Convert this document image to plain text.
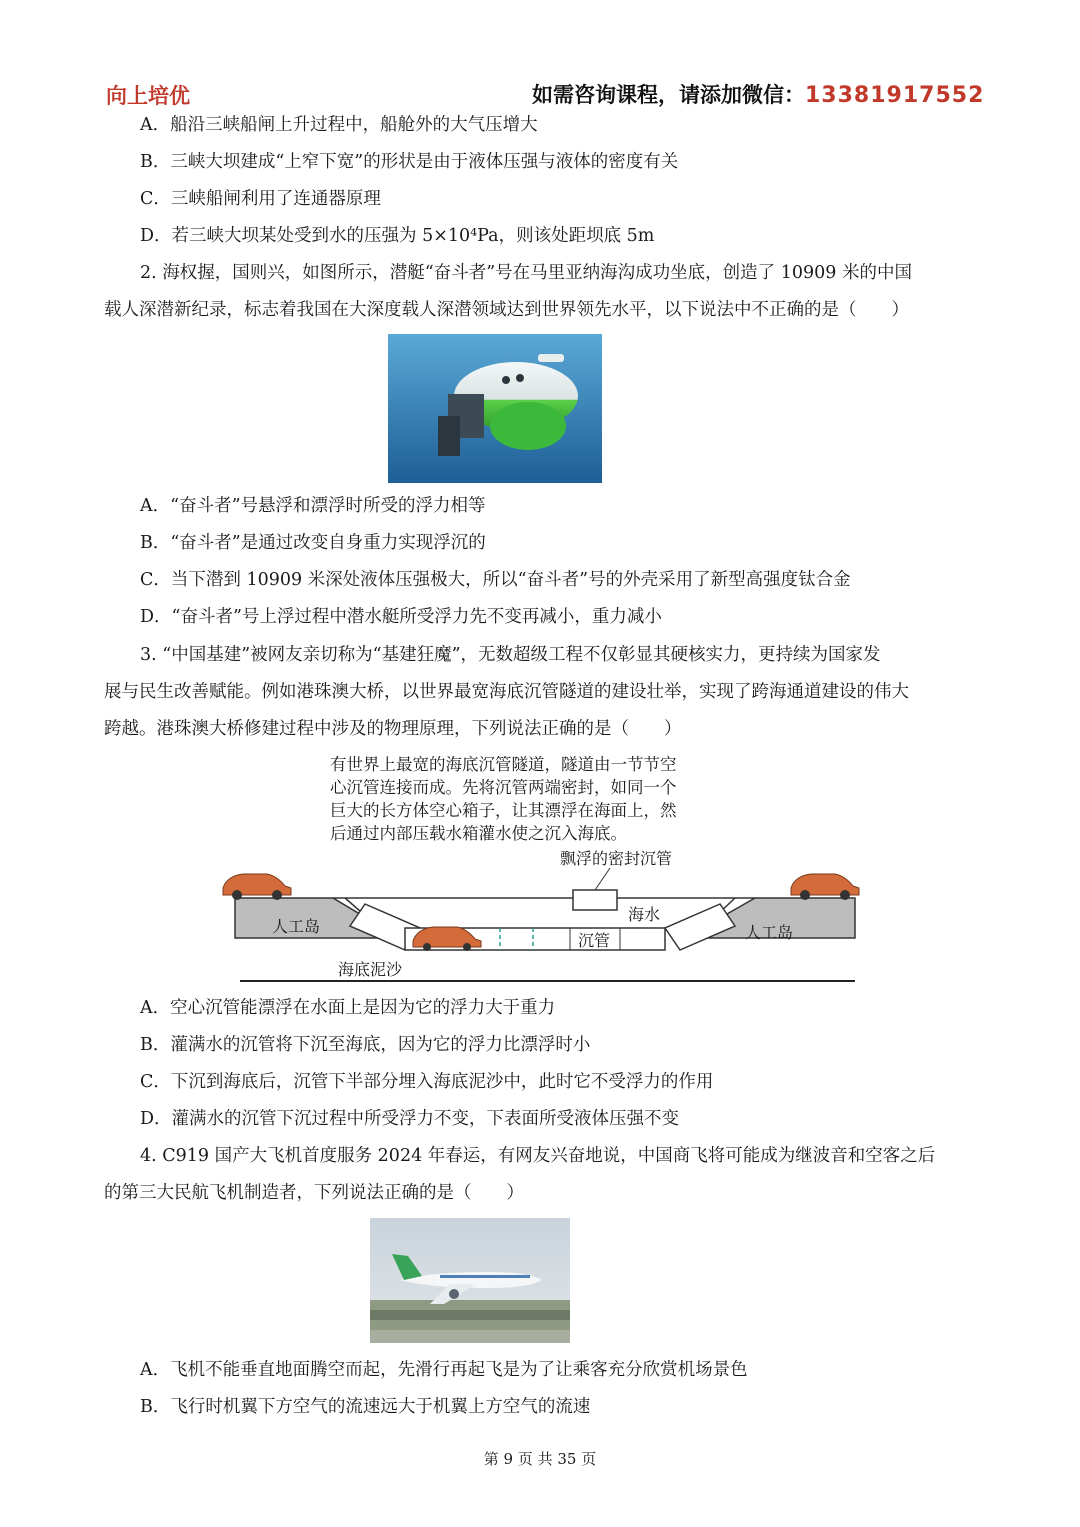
向上培优	如需咨询课程，请添加微信：13381917552
A．船沿三峡船闸上升过程中，船舱外的大气压增大
B．三峡大坝建成“上窄下宽”的形状是由于液体压强与液体的密度有关
C．三峡船闸利用了连通器原理
D．若三峡大坝某处受到水的压强为 5×10⁴Pa，则该处距坝底 5m
2. 海权握，国则兴，如图所示，潜艇“奋斗者”号在马里亚纳海沟成功坐底，创造了 10909 米的中国
载人深潜新纪录，标志着我国在大深度载人深潜领域达到世界领先水平，以下说法中不正确的是（　　）
A．“奋斗者”号悬浮和漂浮时所受的浮力相等
B．“奋斗者”是通过改变自身重力实现浮沉的
C．当下潜到 10909 米深处液体压强极大，所以“奋斗者”号的外壳采用了新型高强度钛合金
D．“奋斗者”号上浮过程中潜水艇所受浮力先不变再减小，重力减小
3. “中国基建”被网友亲切称为“基建狂魔”，无数超级工程不仅彰显其硬核实力，更持续为国家发
展与民生改善赋能。例如港珠澳大桥，以世界最宽海底沉管隧道的建设壮举，实现了跨海通道建设的伟大
跨越。港珠澳大桥修建过程中涉及的物理原理，下列说法正确的是（　　）
有世界上最宽的海底沉管隧道，隧道由一节节空
心沉管连接而成。先将沉管两端密封，如同一个
巨大的长方体空心箱子，让其漂浮在海面上，然
后通过内部压载水箱灌水使之沉入海底。
飘浮的密封沉管
海水
人工岛	人工岛
沉管
海底泥沙
A．空心沉管能漂浮在水面上是因为它的浮力大于重力
B．灌满水的沉管将下沉至海底，因为它的浮力比漂浮时小
C．下沉到海底后，沉管下半部分埋入海底泥沙中，此时它不受浮力的作用
D．灌满水的沉管下沉过程中所受浮力不变，下表面所受液体压强不变
4. C919 国产大飞机首度服务 2024 年春运，有网友兴奋地说，中国商飞将可能成为继波音和空客之后
的第三大民航飞机制造者，下列说法正确的是（　　）
A．飞机不能垂直地面腾空而起，先滑行再起飞是为了让乘客充分欣赏机场景色
B．飞行时机翼下方空气的流速远大于机翼上方空气的流速
第 9 页 共 35 页
